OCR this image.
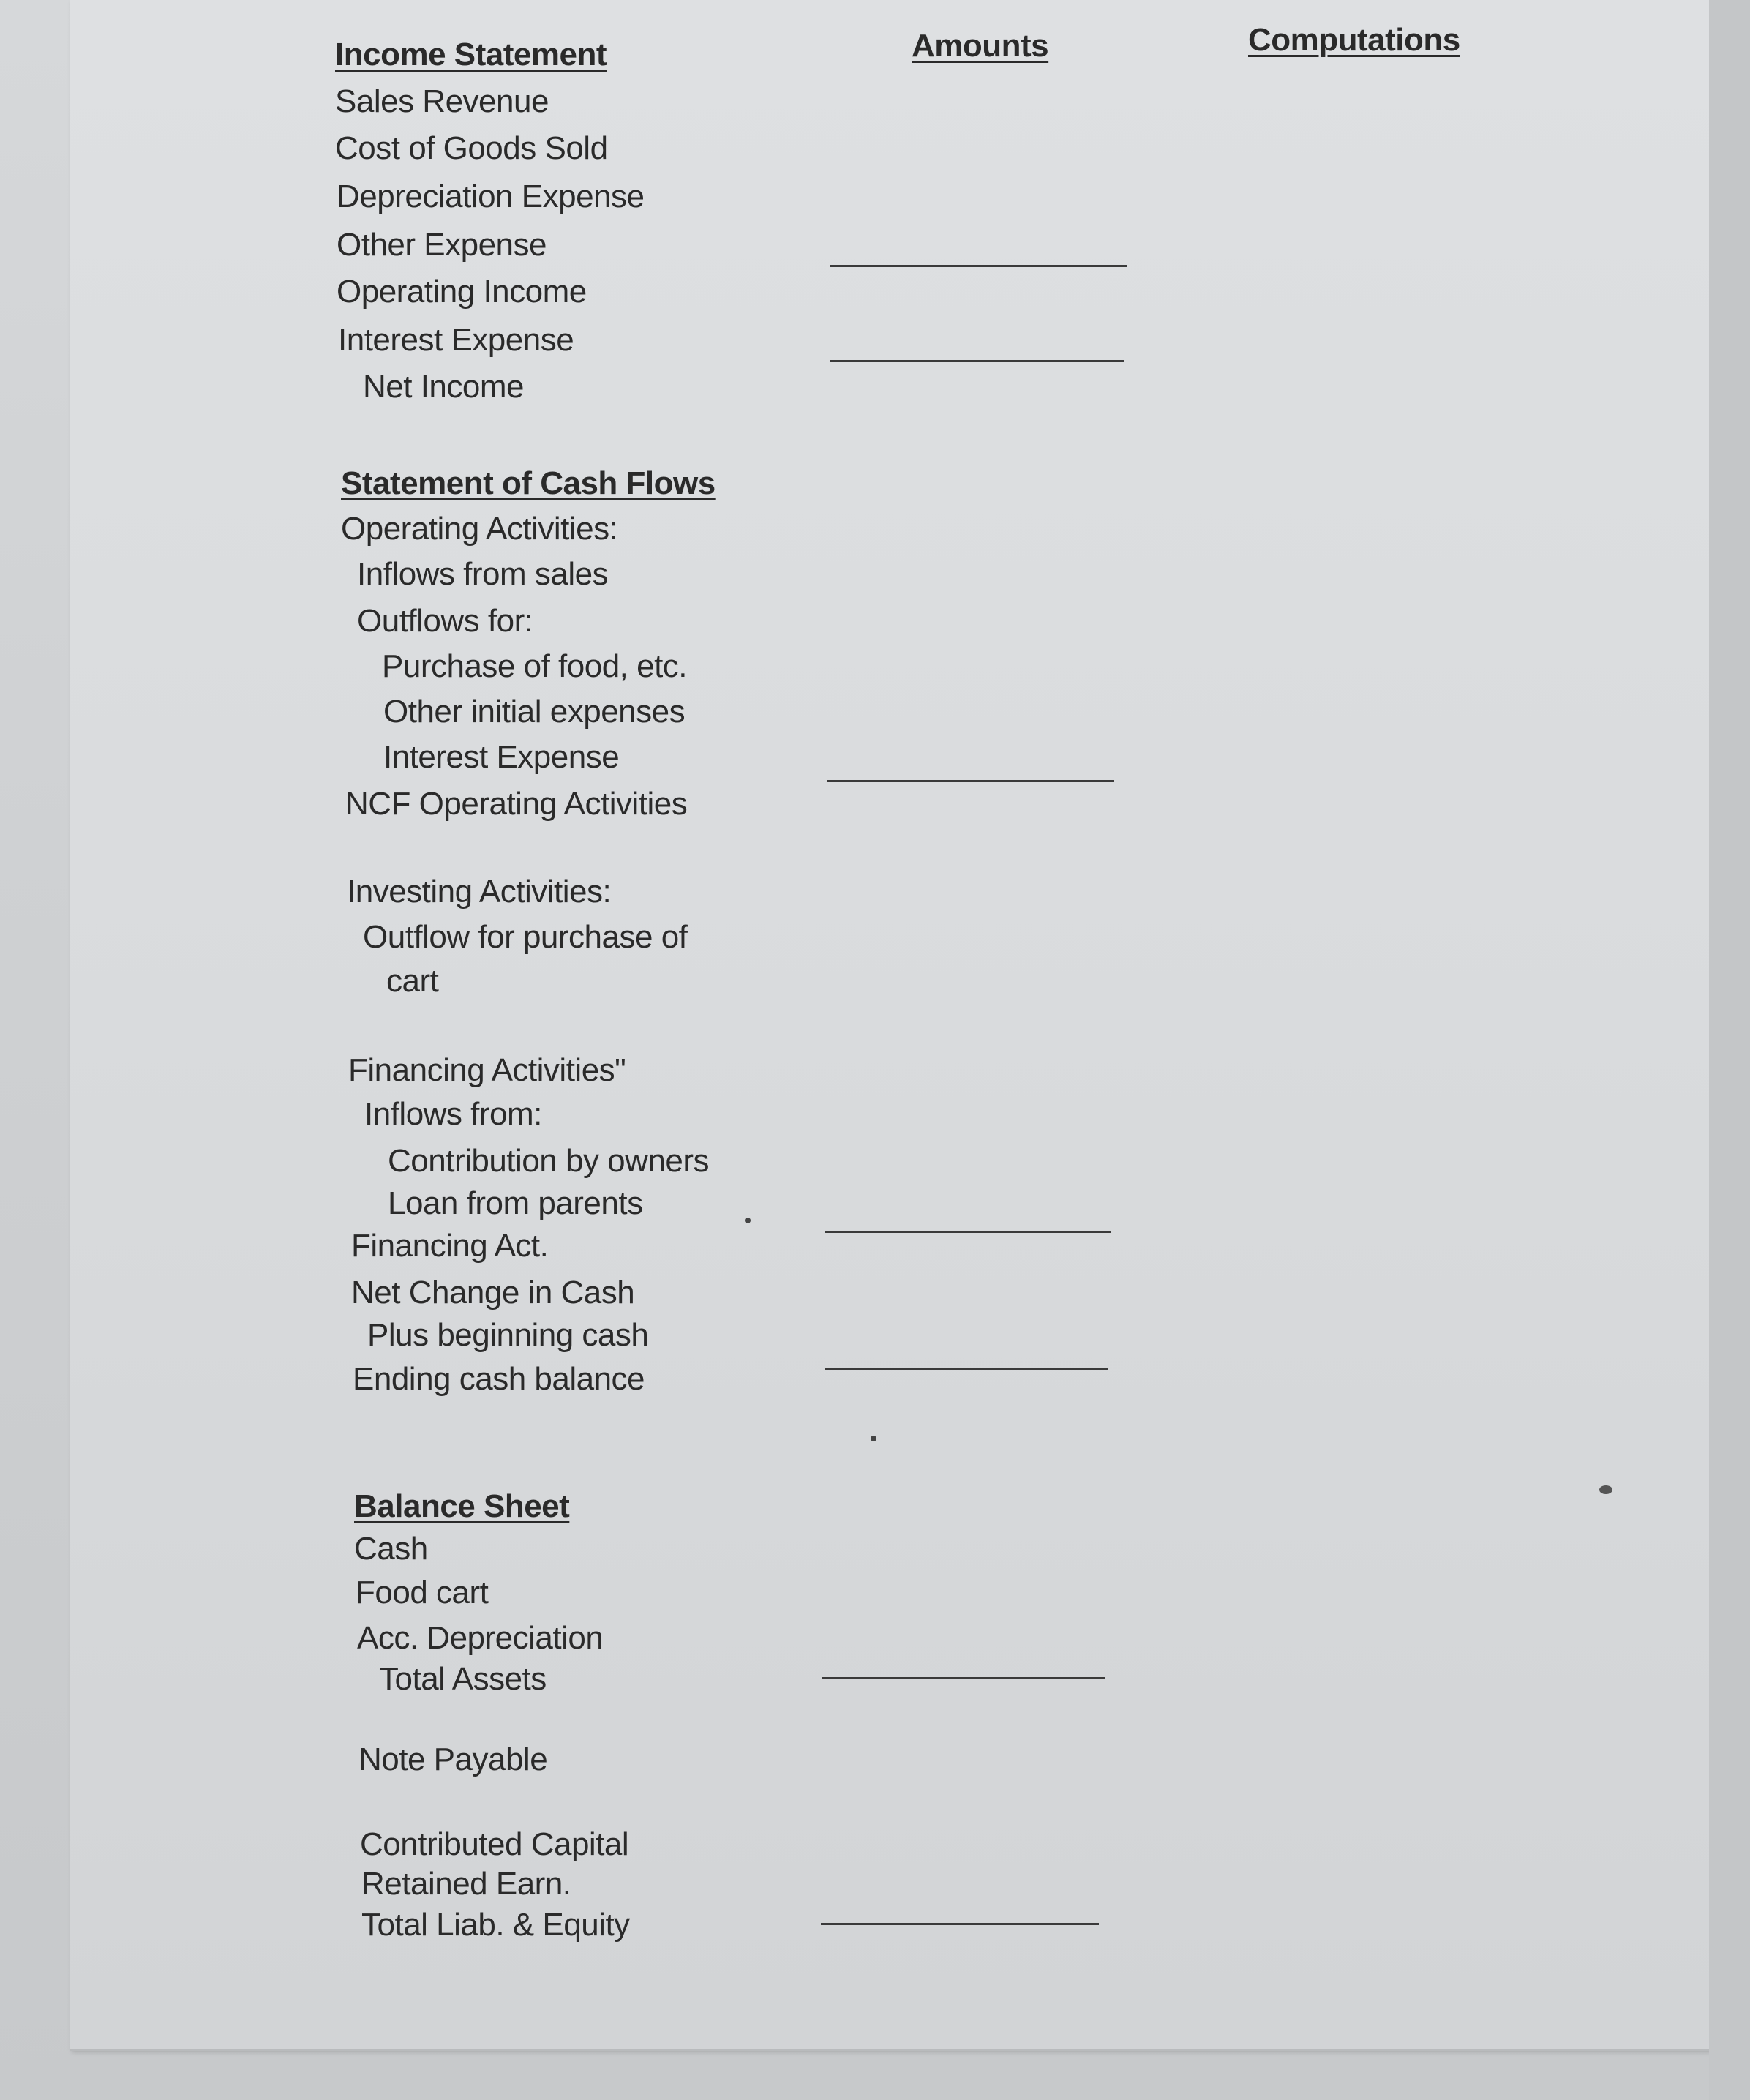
Amounts	Computations
Income Statement
Sales Revenue
Cost of Goods Sold
Depreciation Expense
Other Expense
Operating Income
Interest Expense
Net Income
Statement of Cash Flows
Operating Activities:
Inflows from sales
Outflows for:
Purchase of food, etc.
Other initial expenses
Interest Expense
NCF Operating Activities
Investing Activities:
Outflow for purchase of
cart
Financing Activities"
Inflows from:
Contribution by owners
Loan from parents
Financing Act.
Net Change in Cash
Plus beginning cash
Ending cash balance
Balance Sheet
Cash
Food cart
Acc. Depreciation
Total Assets
Note Payable
Contributed Capital
Retained Earn.
Total Liab. & Equity
